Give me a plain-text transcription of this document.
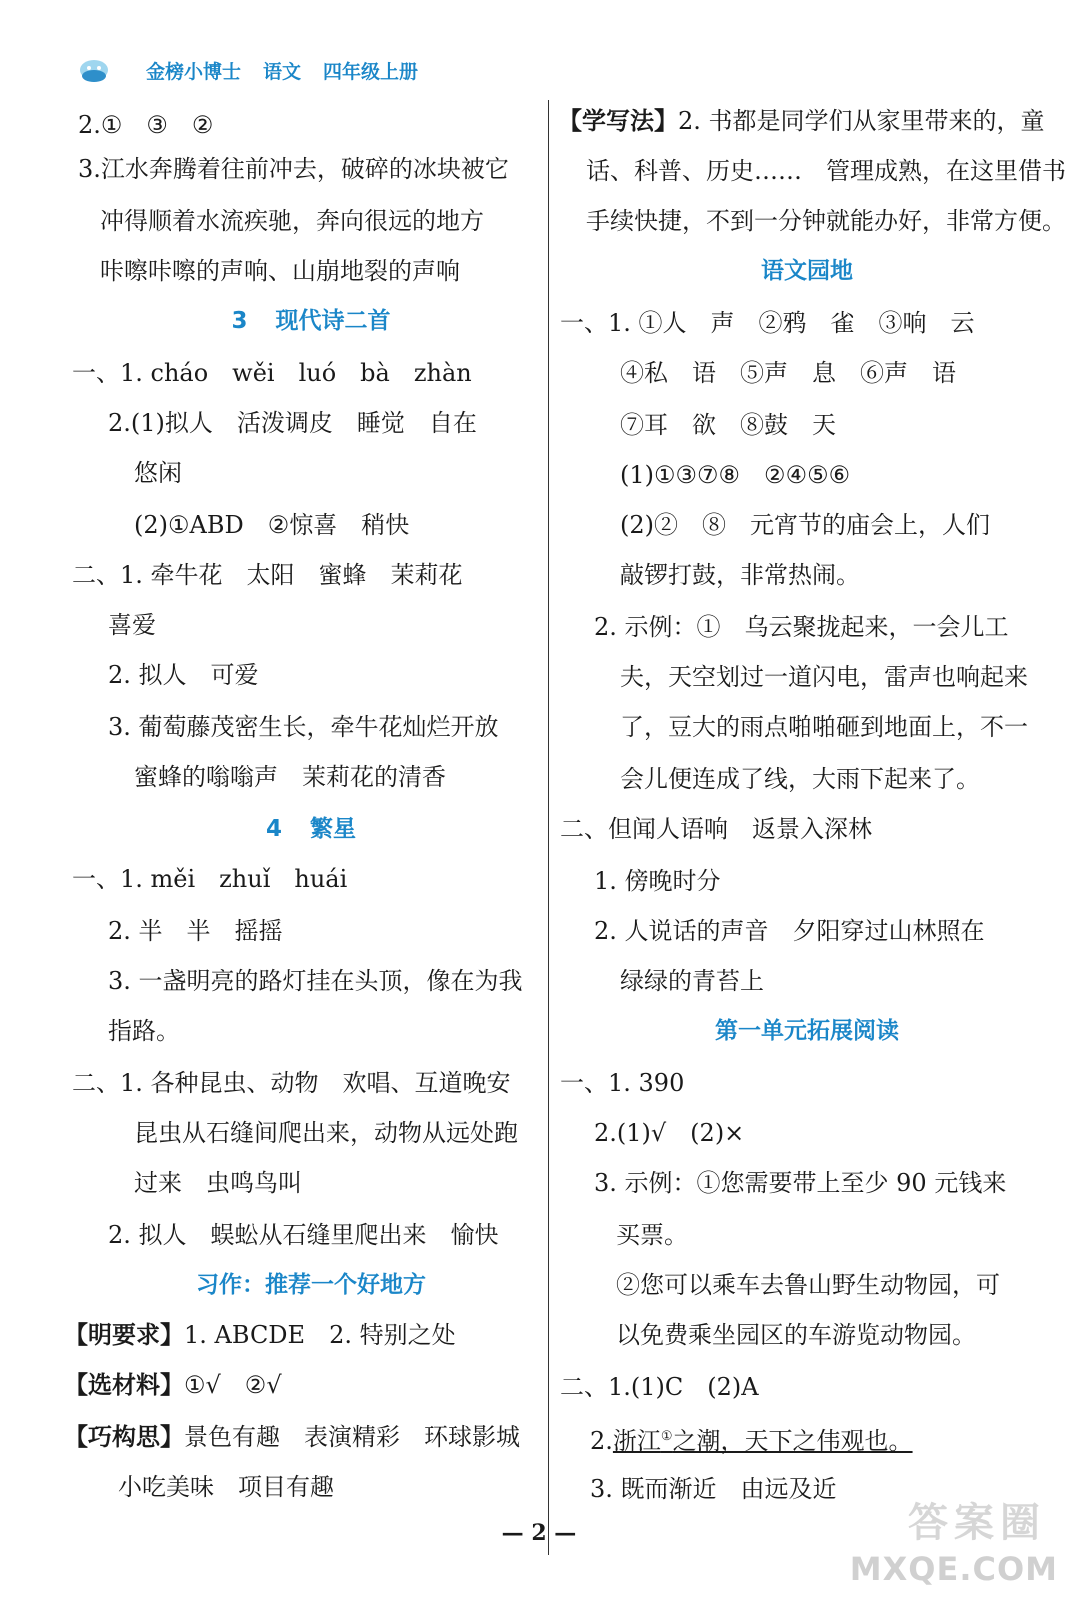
金榜小博士 语文 四年级上册
2.①　③　②
3.江水奔腾着往前冲去，破碎的冰块被它
冲得顺着水流疾驰，奔向很远的地方
咔嚓咔嚓的声响、山崩地裂的声响
3 现代诗二首
一、1. cháo　wěi　luó　bà　zhàn
2.(1)拟人　活泼调皮　睡觉　自在
悠闲
(2)①ABD　②惊喜　稍快
二、1. 牵牛花　太阳　蜜蜂　茉莉花
喜爱
2. 拟人　可爱
3. 葡萄藤茂密生长，牵牛花灿烂开放
蜜蜂的嗡嗡声　茉莉花的清香
4 繁星
一、1. měi　zhuǐ　huái
2. 半　半　摇摇
3. 一盏明亮的路灯挂在头顶，像在为我
指路。
二、1. 各种昆虫、动物　欢唱、互道晚安
昆虫从石缝间爬出来，动物从远处跑
过来　虫鸣鸟叫
2. 拟人　蜈蚣从石缝里爬出来　愉快
习作：推荐一个好地方
【明要求】1. ABCDE　2. 特别之处
【选材料】①√　②√
【巧构思】景色有趣　表演精彩　环球影城
小吃美味　项目有趣
【学写法】2. 书都是同学们从家里带来的，童
话、科普、历史……　管理成熟，在这里借书
手续快捷，不到一分钟就能办好，非常方便。
语文园地
一、1. ①人　声　②鸦　雀　③响　云
④私　语　⑤声　息　⑥声　语
⑦耳　欲　⑧鼓　天
(1)①③⑦⑧　②④⑤⑥
(2)②　⑧　元宵节的庙会上，人们
敲锣打鼓，非常热闹。
2. 示例：①　乌云聚拢起来，一会儿工
夫，天空划过一道闪电，雷声也响起来
了，豆大的雨点啪啪砸到地面上，不一
会儿便连成了线，大雨下起来了。
二、但闻人语响　返景入深林
1. 傍晚时分
2. 人说话的声音　夕阳穿过山林照在
绿绿的青苔上
第一单元拓展阅读
一、1. 390
2.(1)√　(2)×
3. 示例：①您需要带上至少 90 元钱来
买票。
②您可以乘车去鲁山野生动物园，可
以免费乘坐园区的车游览动物园。
二、1.(1)C　(2)A
2.浙江①之潮，天下之伟观也。
3. 既而渐近　由远及近
— 2 —	答案圈
MXQE.COM
